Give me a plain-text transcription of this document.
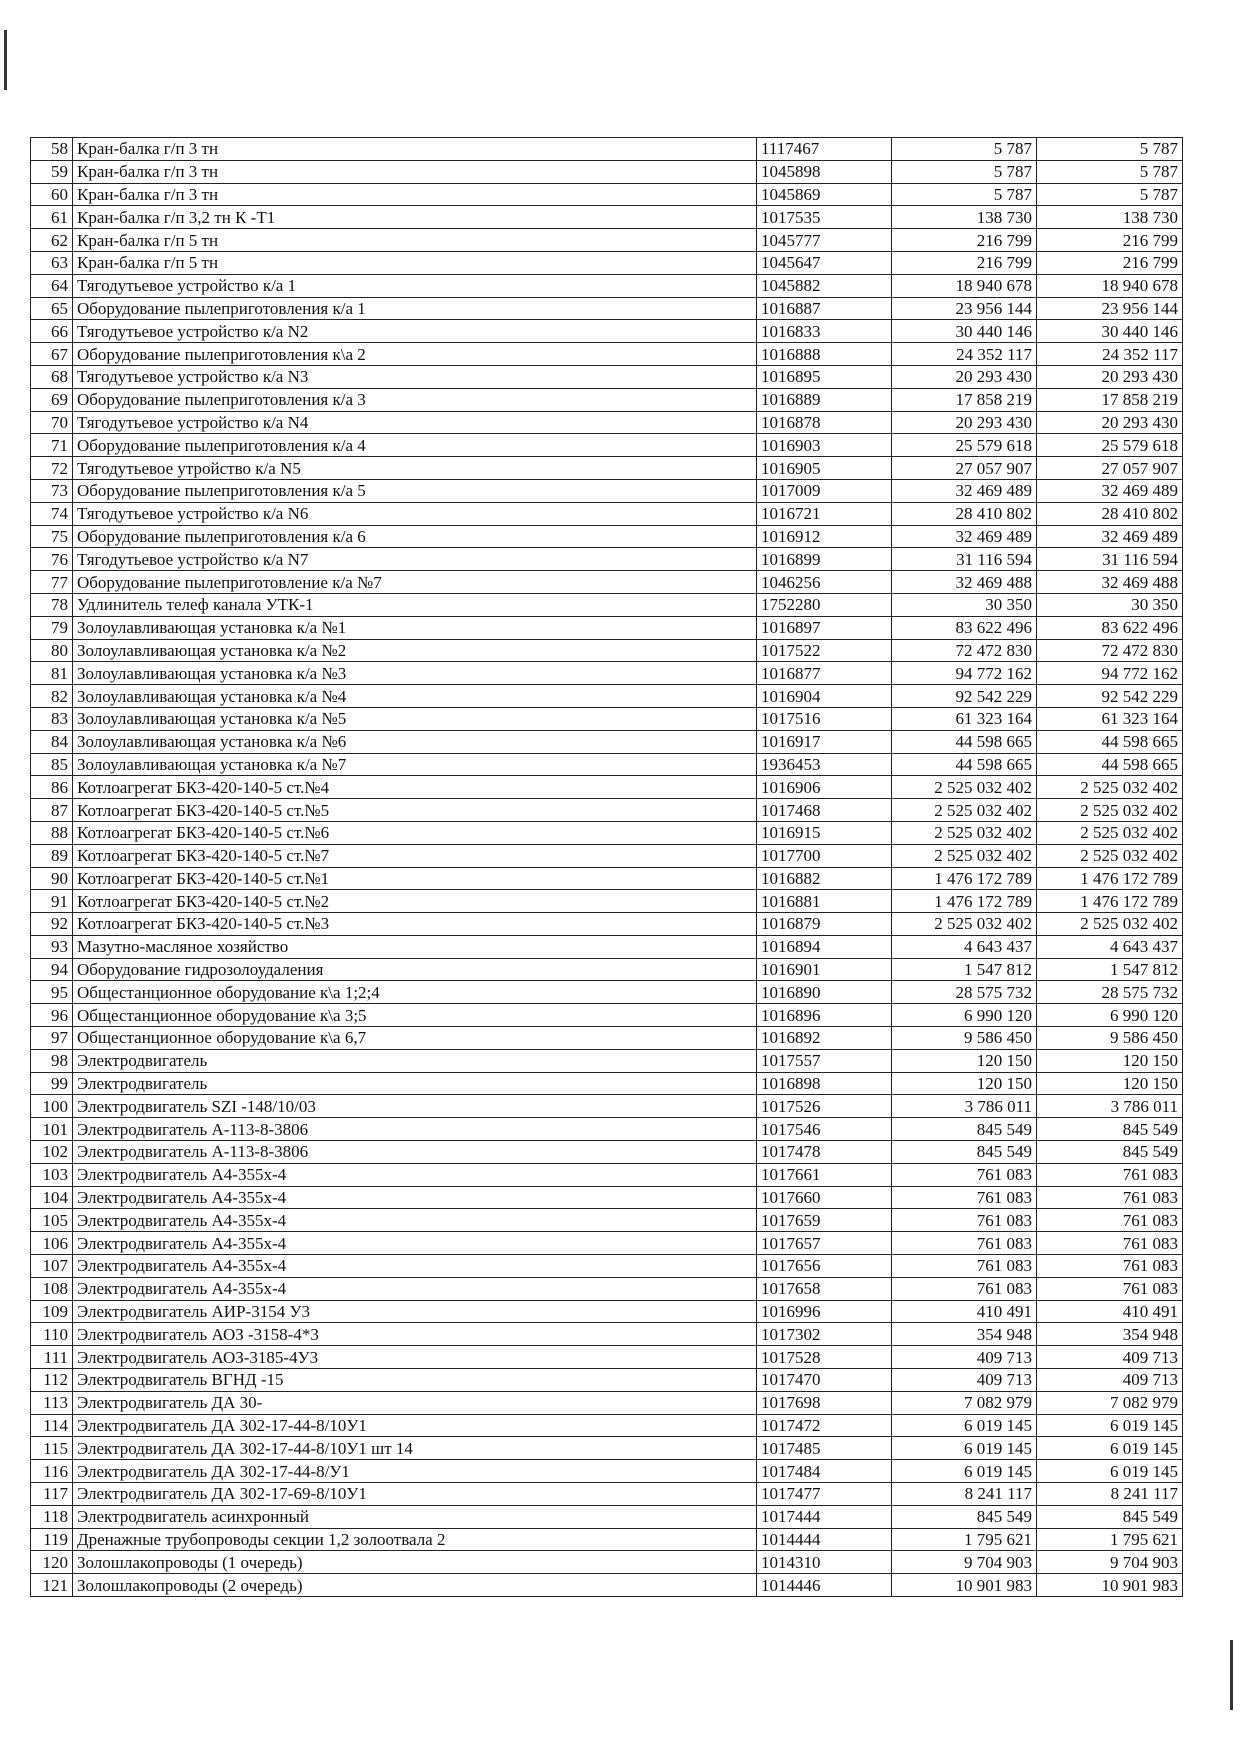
58	Кран-балка г/п 3 тн	1117467	5 787	5 787
59	Кран-балка г/п 3 тн	1045898	5 787	5 787
60	Кран-балка г/п 3 тн	1045869	5 787	5 787
61	Кран-балка г/п 3,2 тн К -Т1	1017535	138 730	138 730
62	Кран-балка г/п 5 тн	1045777	216 799	216 799
63	Кран-балка г/п 5 тн	1045647	216 799	216 799
64	Тягодутьевое устройство к/а 1	1045882	18 940 678	18 940 678
65	Оборудование пылеприготовления к/а 1	1016887	23 956 144	23 956 144
66	Тягодутьевое устройство к/а N2	1016833	30 440 146	30 440 146
67	Оборудование пылеприготовления к\а 2	1016888	24 352 117	24 352 117
68	Тягодутьевое устройство к/а N3	1016895	20 293 430	20 293 430
69	Оборудование пылеприготовления к/а 3	1016889	17 858 219	17 858 219
70	Тягодутьевое устройство к/а N4	1016878	20 293 430	20 293 430
71	Оборудование пылеприготовления к/а 4	1016903	25 579 618	25 579 618
72	Тягодутьевое утройство к/а N5	1016905	27 057 907	27 057 907
73	Оборудование пылеприготовления к/а 5	1017009	32 469 489	32 469 489
74	Тягодутьевое устройство к/а N6	1016721	28 410 802	28 410 802
75	Оборудование пылеприготовления к/а 6	1016912	32 469 489	32 469 489
76	Тягодутьевое устройство к/а N7	1016899	31 116 594	31 116 594
77	Оборудование пылеприготовление к/а №7	1046256	32 469 488	32 469 488
78	Удлинитель телеф канала УТК-1	1752280	30 350	30 350
79	Золоулавливающая установка к/а №1	1016897	83 622 496	83 622 496
80	Золоулавливающая установка к/а №2	1017522	72 472 830	72 472 830
81	Золоулавливающая установка к/а №3	1016877	94 772 162	94 772 162
82	Золоулавливающая установка к/а №4	1016904	92 542 229	92 542 229
83	Золоулавливающая установка к/а №5	1017516	61 323 164	61 323 164
84	Золоулавливающая установка к/а №6	1016917	44 598 665	44 598 665
85	Золоулавливающая установка к/а №7	1936453	44 598 665	44 598 665
86	Котлоагрегат БКЗ-420-140-5 ст.№4	1016906	2 525 032 402	2 525 032 402
87	Котлоагрегат БКЗ-420-140-5 ст.№5	1017468	2 525 032 402	2 525 032 402
88	Котлоагрегат БКЗ-420-140-5 ст.№6	1016915	2 525 032 402	2 525 032 402
89	Котлоагрегат БКЗ-420-140-5 ст.№7	1017700	2 525 032 402	2 525 032 402
90	Котлоагрегат БКЗ-420-140-5 ст.№1	1016882	1 476 172 789	1 476 172 789
91	Котлоагрегат БКЗ-420-140-5 ст.№2	1016881	1 476 172 789	1 476 172 789
92	Котлоагрегат БКЗ-420-140-5 ст.№3	1016879	2 525 032 402	2 525 032 402
93	Мазутно-масляное хозяйство	1016894	4 643 437	4 643 437
94	Оборудование гидрозолоудаления	1016901	1 547 812	1 547 812
95	Общестанционное оборудование к\а 1;2;4	1016890	28 575 732	28 575 732
96	Общестанционное оборудование к\а 3;5	1016896	6 990 120	6 990 120
97	Общестанционное оборудование к\а 6,7	1016892	9 586 450	9 586 450
98	Электродвигатель	1017557	120 150	120 150
99	Электродвигатель	1016898	120 150	120 150
100	Электродвигатель SZI -148/10/03	1017526	3 786 011	3 786 011
101	Электродвигатель А-113-8-3806	1017546	845 549	845 549
102	Электродвигатель А-113-8-3806	1017478	845 549	845 549
103	Электродвигатель А4-355х-4	1017661	761 083	761 083
104	Электродвигатель А4-355х-4	1017660	761 083	761 083
105	Электродвигатель А4-355х-4	1017659	761 083	761 083
106	Электродвигатель А4-355х-4	1017657	761 083	761 083
107	Электродвигатель А4-355х-4	1017656	761 083	761 083
108	Электродвигатель А4-355х-4	1017658	761 083	761 083
109	Электродвигатель АИР-3154 У3	1016996	410 491	410 491
110	Электродвигатель АОЗ -3158-4*3	1017302	354 948	354 948
111	Электродвигатель АОЗ-3185-4У3	1017528	409 713	409 713
112	Электродвигатель ВГНД -15	1017470	409 713	409 713
113	Электродвигатель ДА 30-	1017698	7 082 979	7 082 979
114	Электродвигатель ДА 302-17-44-8/10У1	1017472	6 019 145	6 019 145
115	Электродвигатель ДА 302-17-44-8/10У1 шт 14	1017485	6 019 145	6 019 145
116	Электродвигатель ДА 302-17-44-8/У1	1017484	6 019 145	6 019 145
117	Электродвигатель ДА 302-17-69-8/10У1	1017477	8 241 117	8 241 117
118	Электродвигатель асинхронный	1017444	845 549	845 549
119	Дренажные трубопроводы секции 1,2 золоотвала 2	1014444	1 795 621	1 795 621
120	Золошлакопроводы (1 очередь)	1014310	9 704 903	9 704 903
121	Золошлакопроводы (2 очередь)	1014446	10 901 983	10 901 983
